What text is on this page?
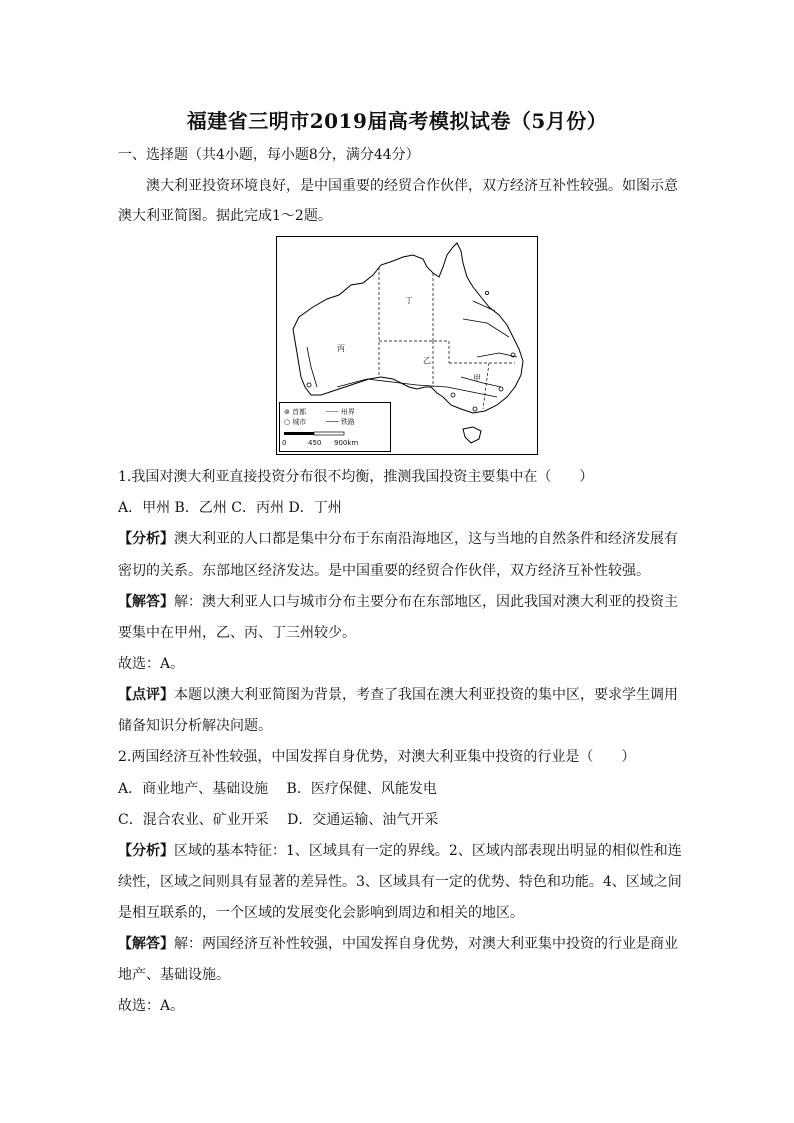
福建省三明市2019届高考模拟试卷（5月份）
一、选择题（共4小题，每小题8分，满分44分）
澳大利亚投资环境良好，是中国重要的经贸合作伙伴，双方经济互补性较强。如图示意
澳大利亚简图。据此完成1～2题。
丁
丙
乙
甲
⊚ 首都
○ 城市
┄┄┄ 州界
─── 铁路
0	450 900km
1.我国对澳大利亚直接投资分布很不均衡，推测我国投资主要集中在（　　）
A．甲州 B．乙州 C．丙州 D．丁州
【分析】澳大利亚的人口都是集中分布于东南沿海地区，这与当地的自然条件和经济发展有
密切的关系。东部地区经济发达。是中国重要的经贸合作伙伴，双方经济互补性较强。
【解答】解：澳大利亚人口与城市分布主要分布在东部地区，因此我国对澳大利亚的投资主
要集中在甲州，乙、丙、丁三州较少。
故选：A。
【点评】本题以澳大利亚简图为背景，考查了我国在澳大利亚投资的集中区，要求学生调用
储备知识分析解决问题。
2.两国经济互补性较强，中国发挥自身优势，对澳大利亚集中投资的行业是（　　）
A．商业地产、基础设施　 B．医疗保健、风能发电
C．混合农业、矿业开采　 D．交通运输、油气开采
【分析】区域的基本特征：1、区域具有一定的界线。2、区域内部表现出明显的相似性和连
续性，区域之间则具有显著的差异性。3、区域具有一定的优势、特色和功能。4、区域之间
是相互联系的，一个区域的发展变化会影响到周边和相关的地区。
【解答】解：两国经济互补性较强，中国发挥自身优势，对澳大利亚集中投资的行业是商业
地产、基础设施。
故选：A。
